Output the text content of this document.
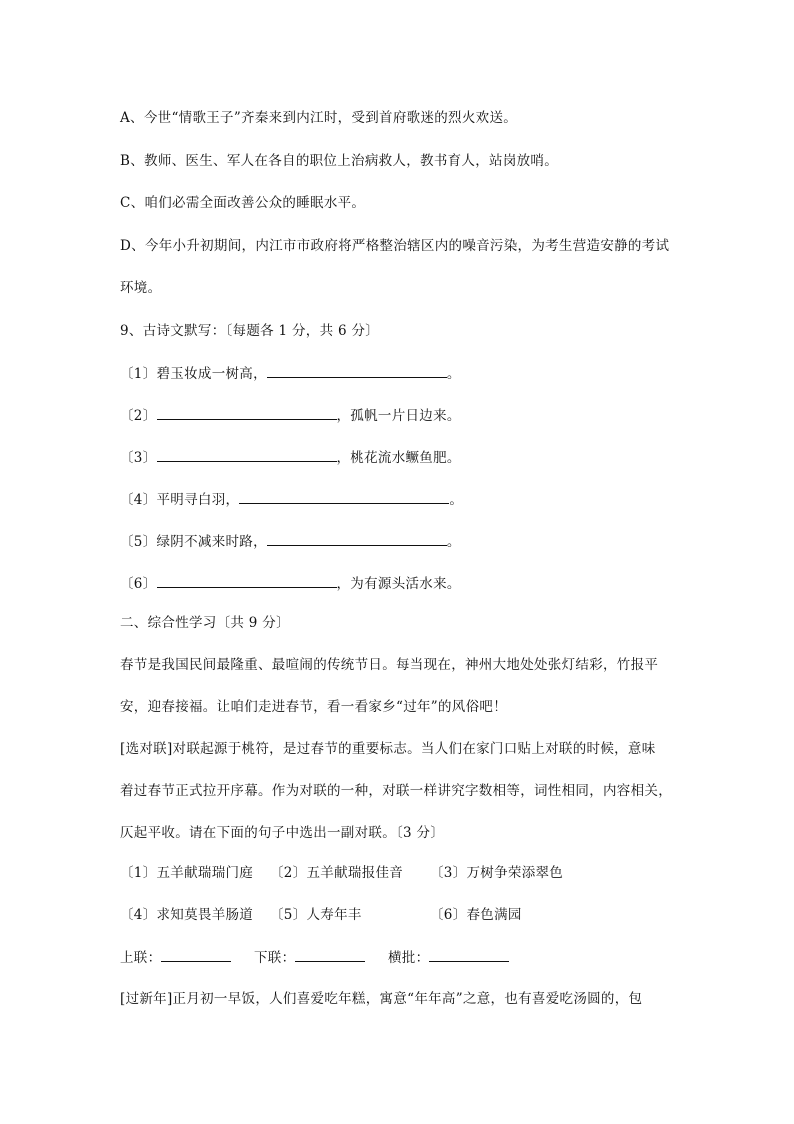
A、今世“情歌王子”齐秦来到内江时，受到首府歌迷的烈火欢送。
B、教师、医生、军人在各自的职位上治病救人，教书育人，站岗放哨。
C、咱们必需全面改善公众的睡眠水平。
D、今年小升初期间，内江市市政府将严格整治辖区内的噪音污染，为考生营造安静的考试
环境。
9、古诗文默写：〔每题各 1 分，共 6 分〕
〔1〕碧玉妆成一树高，	。
〔2〕	，孤帆一片日边来。
〔3〕	，桃花流水鳜鱼肥。
〔4〕平明寻白羽，	。
〔5〕绿阴不减来时路，	。
〔6〕	，为有源头活水来。
二、综合性学习〔共 9 分〕
春节是我国民间最隆重、最喧闹的传统节日。每当现在，神州大地处处张灯结彩，竹报平
安，迎春接福。让咱们走进春节，看一看家乡“过年”的风俗吧！
[选对联]对联起源于桃符，是过春节的重要标志。当人们在家门口贴上对联的时候，意味
着过春节正式拉开序幕。作为对联的一种，对联一样讲究字数相等，词性相同，内容相关，
仄起平收。请在下面的句子中选出一副对联。〔3 分〕
〔1〕五羊献瑞瑞门庭 〔2〕五羊献瑞报佳音 〔3〕万树争荣添翠色
〔4〕求知莫畏羊肠道 〔5〕人寿年丰	〔6〕春色满园
上联：	下联：	横批：
[过新年]正月初一早饭，人们喜爱吃年糕，寓意“年年高”之意，也有喜爱吃汤圆的，包
